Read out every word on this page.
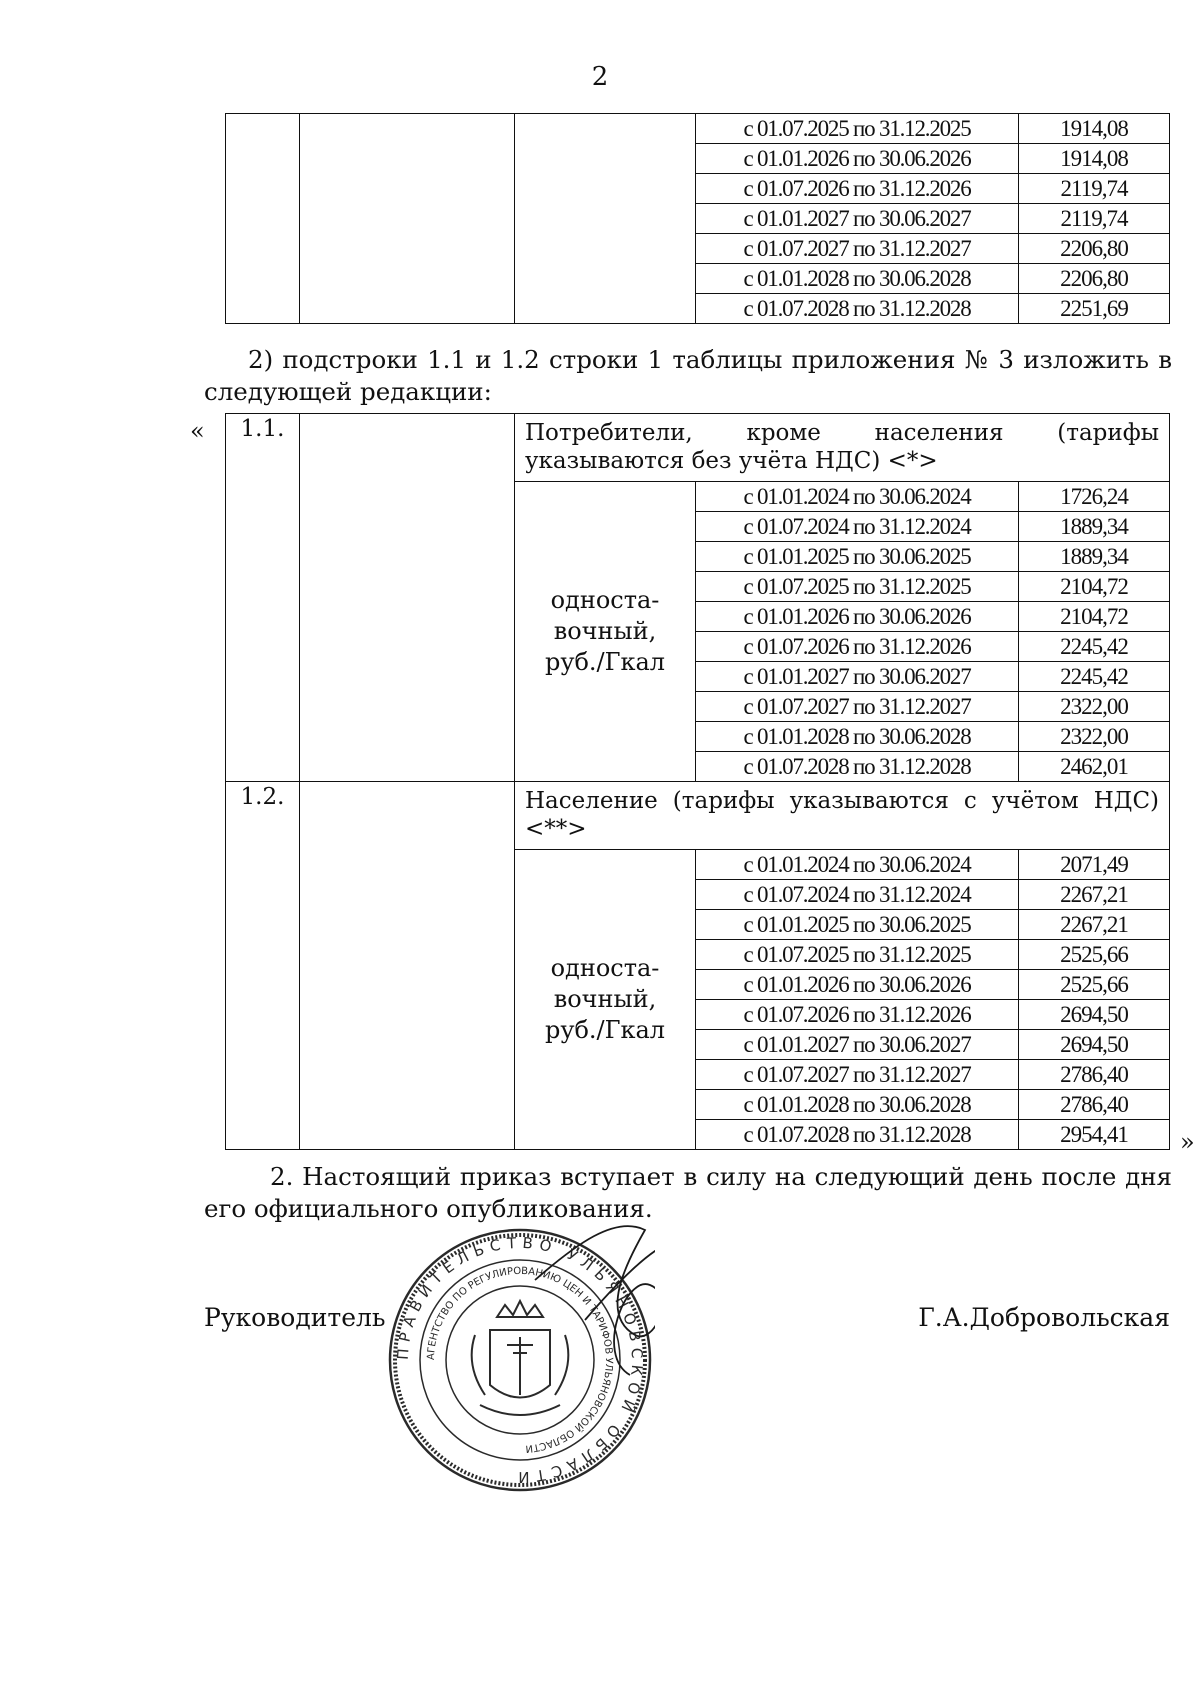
2
			с 01.07.2025 по 31.12.2025	1914,08
			с 01.01.2026 по 30.06.2026	1914,08
			с 01.07.2026 по 31.12.2026	2119,74
			с 01.01.2027 по 30.06.2027	2119,74
			с 01.07.2027 по 31.12.2027	2206,80
			с 01.01.2028 по 30.06.2028	2206,80
			с 01.07.2028 по 31.12.2028	2251,69
2) подстроки 1.1 и 1.2 строки 1 таблицы приложения № 3 изложить в следующей редакции:
« 1.1.		Потребители, кроме населения (тарифы указываются без учёта НДС) <*>		

		односта-
вочный,
руб./Гкал	с 01.01.2024 по 30.06.2024	1726,24
			с 01.07.2024 по 31.12.2024	1889,34
			с 01.01.2025 по 30.06.2025	1889,34
			с 01.07.2025 по 31.12.2025	2104,72
			с 01.01.2026 по 30.06.2026	2104,72
			с 01.07.2026 по 31.12.2026	2245,42
			с 01.01.2027 по 30.06.2027	2245,42
			с 01.07.2027 по 31.12.2027	2322,00
			с 01.01.2028 по 30.06.2028	2322,00
			с 01.07.2028 по 31.12.2028	2462,01
1.2.		Население (тарифы указываются с учётом НДС) <**>		

		односта-
вочный,
руб./Гкал	с 01.01.2024 по 30.06.2024	2071,49
			с 01.07.2024 по 31.12.2024	2267,21
			с 01.01.2025 по 30.06.2025	2267,21
			с 01.07.2025 по 31.12.2025	2525,66
			с 01.01.2026 по 30.06.2026	2525,66
			с 01.07.2026 по 31.12.2026	2694,50
			с 01.01.2027 по 30.06.2027	2694,50
			с 01.07.2027 по 31.12.2027	2786,40
			с 01.01.2028 по 30.06.2028	2786,40
			с 01.07.2028 по 31.12.2028	2954,41 »
2. Настоящий приказ вступает в силу на следующий день после дня его официального опубликования.
Руководитель	Г.А.Добровольская
ПРАВИТЕЛЬСТВО УЛЬЯНОВСКОЙ ОБЛАСТИ
АГЕНТСТВО ПО РЕГУЛИРОВАНИЮ ЦЕН И ТАРИФОВ УЛЬЯНОВСКОЙ ОБЛАСТИ
